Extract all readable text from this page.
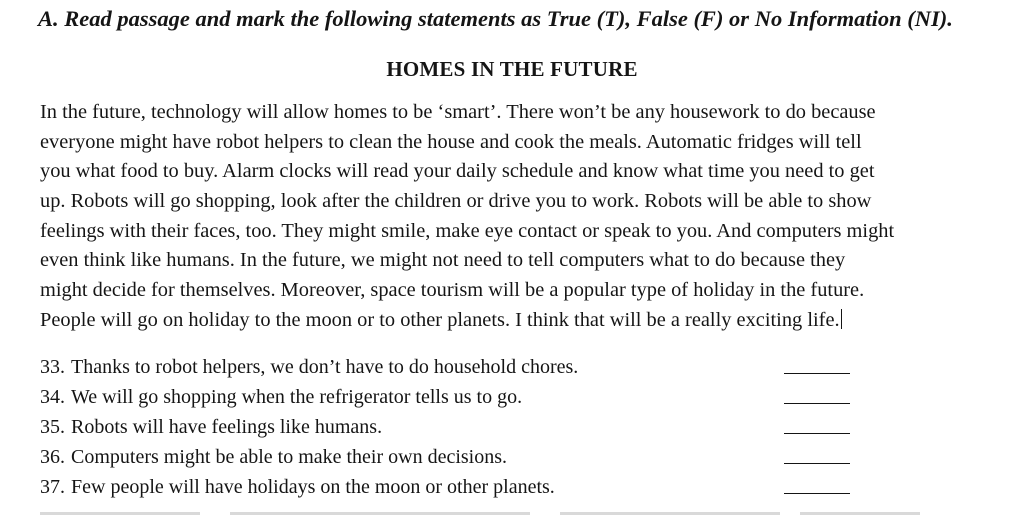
A. Read passage and mark the following statements as True (T), False (F) or No Information (NI).
HOMES IN THE FUTURE
In the future, technology will allow homes to be ‘smart’. There won’t be any housework to do because
everyone might have robot helpers to clean the house and cook the meals. Automatic fridges will tell
you what food to buy. Alarm clocks will read your daily schedule and know what time you need to get
up. Robots will go shopping, look after the children or drive you to work. Robots will be able to show
feelings with their faces, too. They might smile, make eye contact or speak to you. And computers might
even think like humans. In the future, we might not need to tell computers what to do because they
might decide for themselves. Moreover, space tourism will be a popular type of holiday in the future.
People will go on holiday to the moon or to other planets. I think that will be a really exciting life.
33. Thanks to robot helpers, we don’t have to do household chores.
34. We will go shopping when the refrigerator tells us to go.
35. Robots will have feelings like humans.
36. Computers might be able to make their own decisions.
37. Few people will have holidays on the moon or other planets.
